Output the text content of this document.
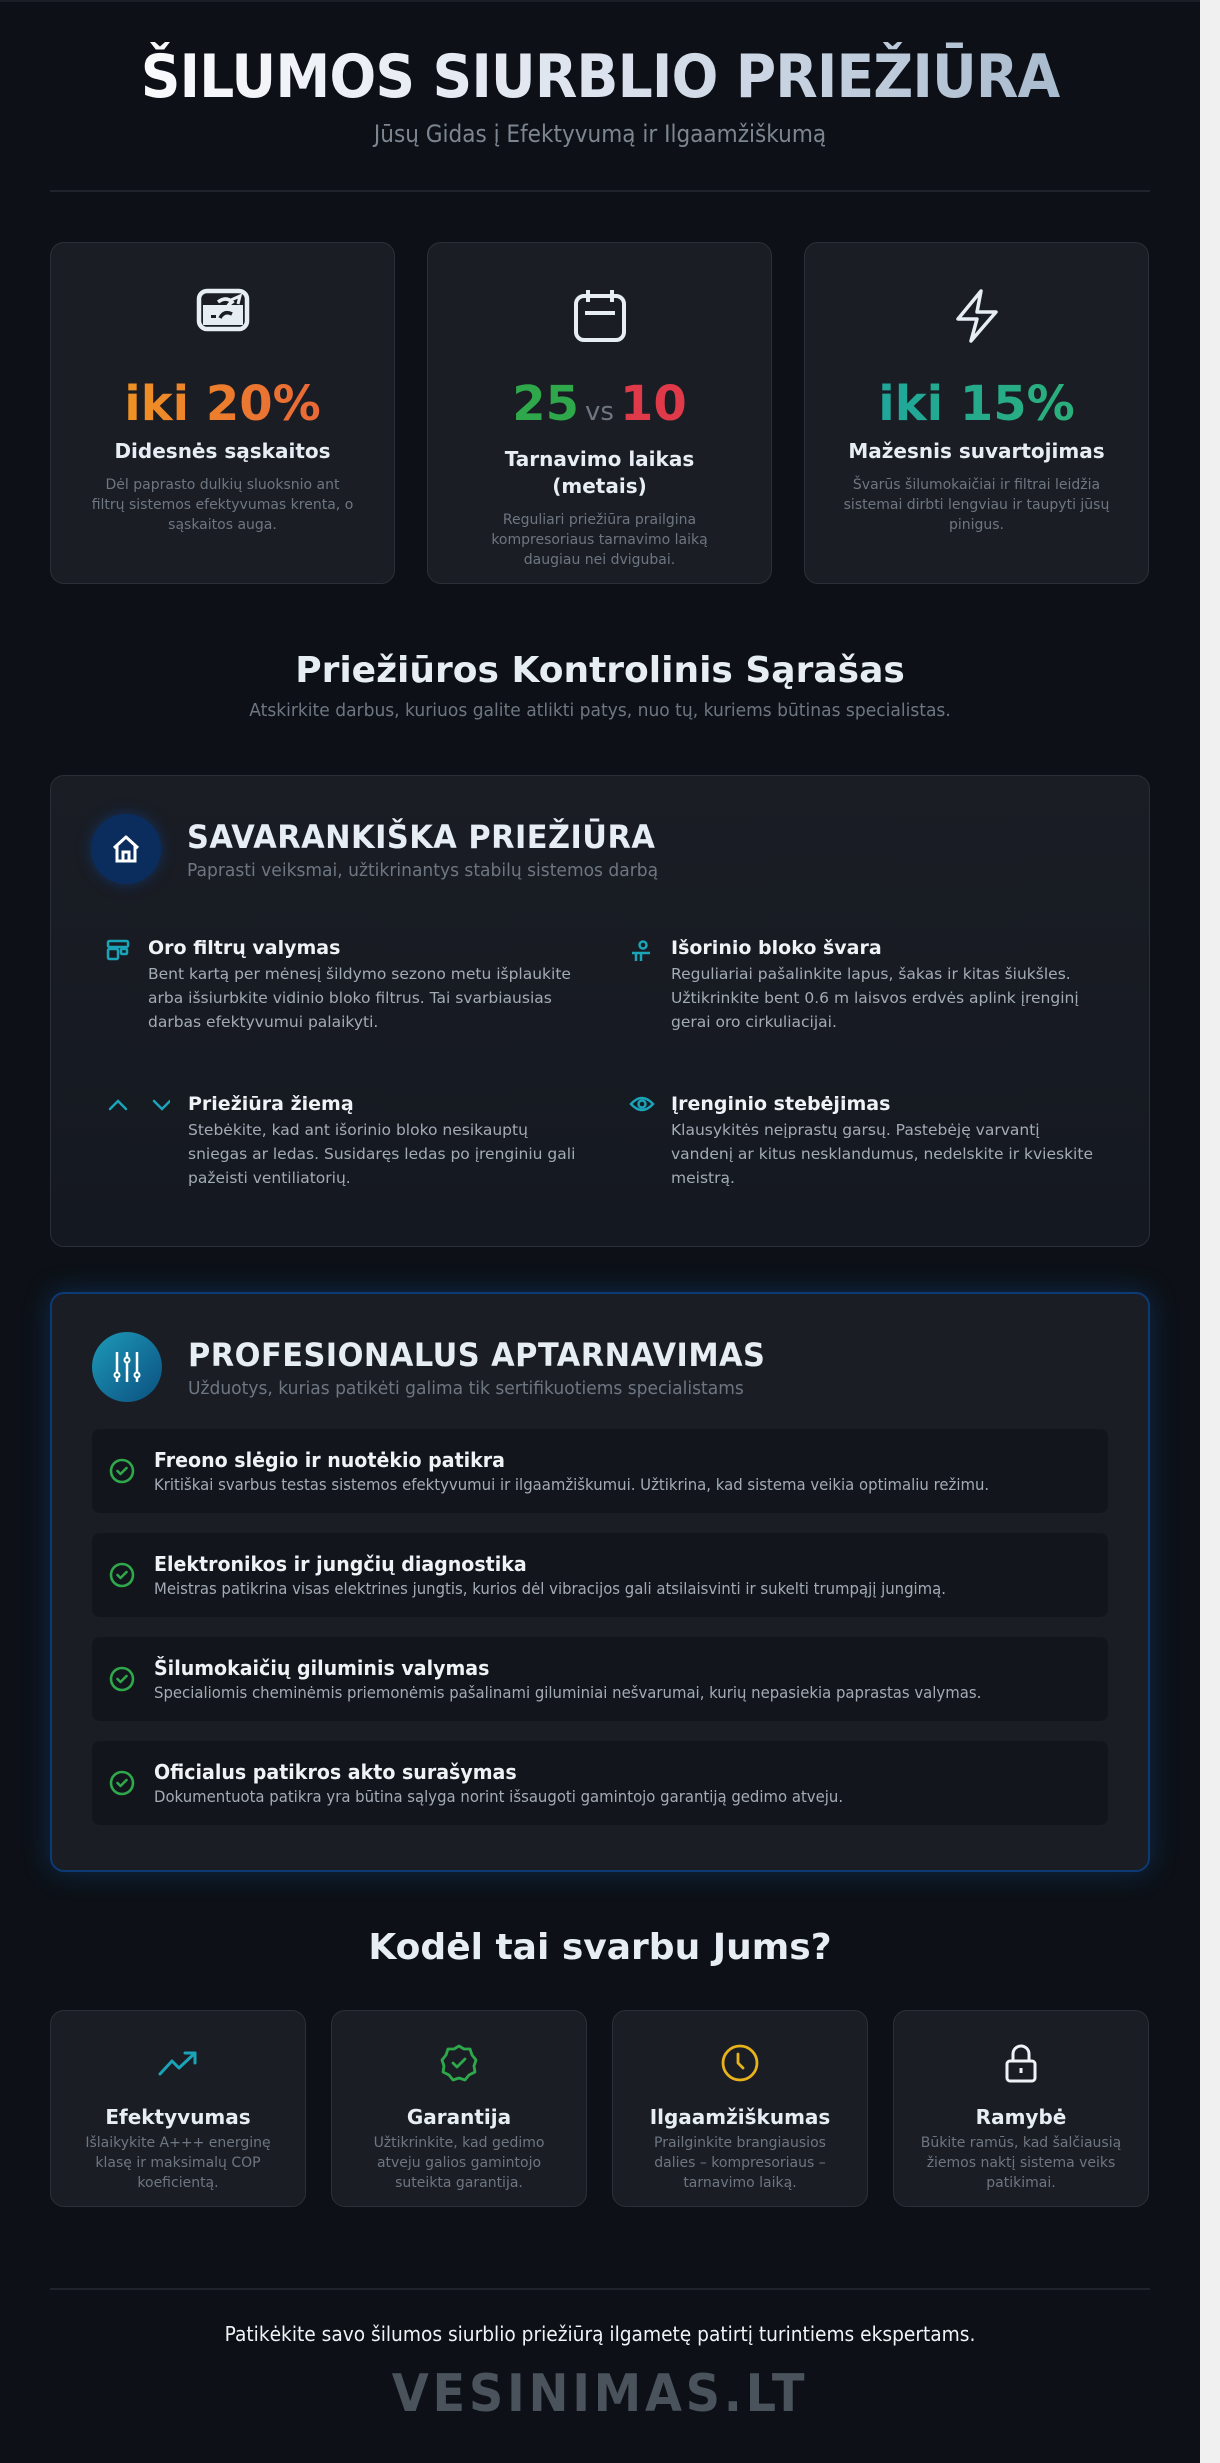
ŠILUMOS SIURBLIO PRIEŽIŪRA
Jūsų Gidas į Efektyvumą ir Ilgaamžiškumą
iki 20%
Didesnės sąskaitos
Dėl paprasto dulkių sluoksnio ant filtrų sistemos efektyvumas krenta, o sąskaitos auga.
25 vs 10
Tarnavimo laikas (metais)
Reguliari priežiūra prailgina kompresoriaus tarnavimo laiką daugiau nei dvigubai.
iki 15%
Mažesnis suvartojimas
Švarūs šilumokaičiai ir filtrai leidžia sistemai dirbti lengviau ir taupyti jūsų pinigus.
Priežiūros Kontrolinis Sąrašas
Atskirkite darbus, kuriuos galite atlikti patys, nuo tų, kuriems būtinas specialistas.
SAVARANKIŠKA PRIEŽIŪRA
Paprasti veiksmai, užtikrinantys stabilų sistemos darbą
Oro filtrų valymas
Bent kartą per mėnesį šildymo sezono metu išplaukite arba išsiurbkite vidinio bloko filtrus. Tai svarbiausias darbas efektyvumui palaikyti.
Išorinio bloko švara
Reguliariai pašalinkite lapus, šakas ir kitas šiukšles. Užtikrinkite bent 0.6 m laisvos erdvės aplink įrenginį gerai oro cirkuliacijai.
Priežiūra žiemą
Stebėkite, kad ant išorinio bloko nesikauptų sniegas ar ledas. Susidaręs ledas po įrenginiu gali pažeisti ventiliatorių.
Įrenginio stebėjimas
Klausykitės neįprastų garsų. Pastebėję varvantį vandenį ar kitus nesklandumus, nedelskite ir kvieskite meistrą.
PROFESIONALUS APTARNAVIMAS
Užduotys, kurias patikėti galima tik sertifikuotiems specialistams
Freono slėgio ir nuotėkio patikra
Kritiškai svarbus testas sistemos efektyvumui ir ilgaamžiškumui. Užtikrina, kad sistema veikia optimaliu režimu.
Elektronikos ir jungčių diagnostika
Meistras patikrina visas elektrines jungtis, kurios dėl vibracijos gali atsilaisvinti ir sukelti trumpąjį jungimą.
Šilumokaičių giluminis valymas
Specialiomis cheminėmis priemonėmis pašalinami giluminiai nešvarumai, kurių nepasiekia paprastas valymas.
Oficialus patikros akto surašymas
Dokumentuota patikra yra būtina sąlyga norint išsaugoti gamintojo garantiją gedimo atveju.
Kodėl tai svarbu Jums?
Efektyvumas
Išlaikykite A+++ energinę klasę ir maksimalų COP koeficientą.
Garantija
Užtikrinkite, kad gedimo atveju galios gamintojo suteikta garantija.
Ilgaamžiškumas
Prailginkite brangiausios dalies – kompresoriaus – tarnavimo laiką.
Ramybė
Būkite ramūs, kad šalčiausią žiemos naktį sistema veiks patikimai.
Patikėkite savo šilumos siurblio priežiūrą ilgametę patirtį turintiems ekspertams.
VESINIMAS.LT
